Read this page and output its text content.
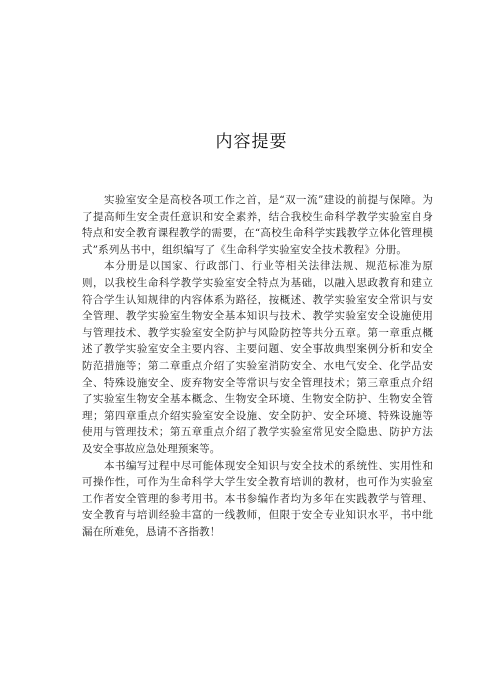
内容提要

实验室安全是高校各项工作之首，是“双一流”建设的前提与保障。为了提高师生安全责任意识和安全素养，结合我校生命科学教学实验室自身特点和安全教育课程教学的需要，在“高校生命科学实践教学立体化管理模式”系列丛书中，组织编写了《生命科学实验室安全技术教程》分册。

本分册是以国家、行政部门、行业等相关法律法规、规范标准为原则，以我校生命科学教学实验室安全特点为基础，以融入思政教育和建立符合学生认知规律的内容体系为路径，按概述、教学实验室安全常识与安全管理、教学实验室生物安全基本知识与技术、教学实验室安全设施使用与管理技术、教学实验室安全防护与风险防控等共分五章。第一章重点概述了教学实验室安全主要内容、主要问题、安全事故典型案例分析和安全防范措施等；第二章重点介绍了实验室消防安全、水电气安全、化学品安全、特殊设施安全、废弃物安全等常识与安全管理技术；第三章重点介绍了实验室生物安全基本概念、生物安全环境、生物安全防护、生物安全管理；第四章重点介绍实验室安全设施、安全防护、安全环境、特殊设施等使用与管理技术；第五章重点介绍了教学实验室常见安全隐患、防护方法及安全事故应急处理预案等。

本书编写过程中尽可能体现安全知识与安全技术的系统性、实用性和可操作性，可作为生命科学大学生安全教育培训的教材，也可作为实验室工作者安全管理的参考用书。本书参编作者均为多年在实践教学与管理、安全教育与培训经验丰富的一线教师，但限于安全专业知识水平，书中纰漏在所难免，恳请不吝指教！
